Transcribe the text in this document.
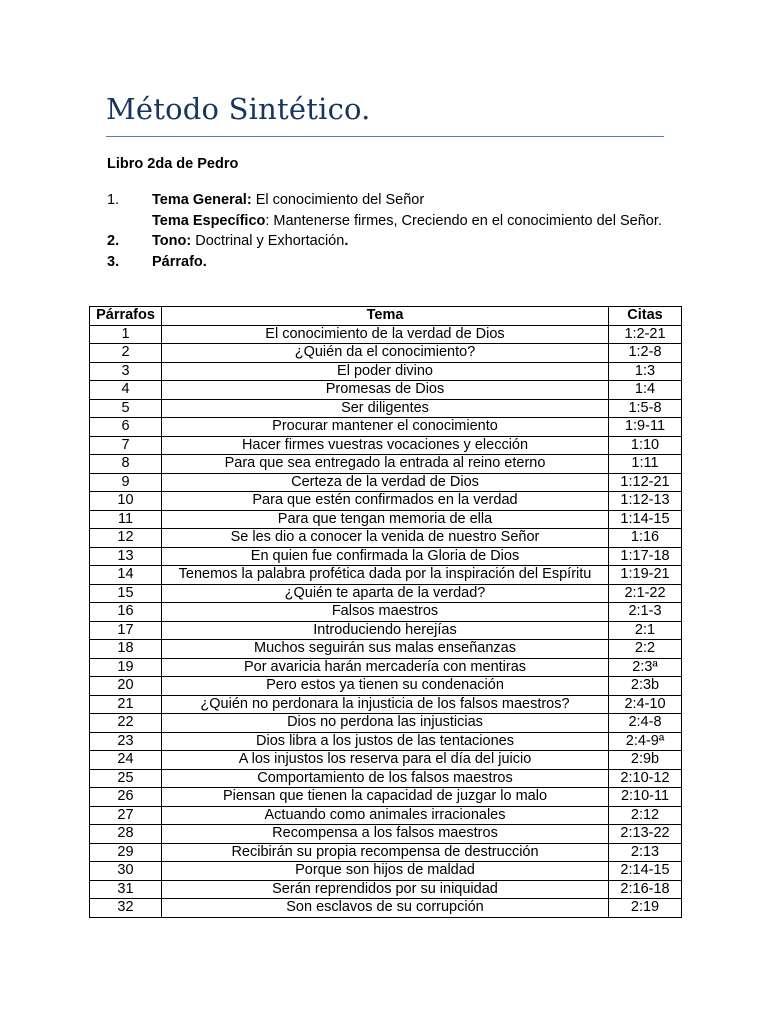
Método Sintético.
Libro 2da de Pedro
1.	Tema General: El conocimiento del Señor
Tema Específico: Mantenerse firmes, Creciendo en el conocimiento del Señor.
2.	Tono: Doctrinal y Exhortación.
3.	Párrafo.
Párrafos	Tema	Citas
1	El conocimiento de la verdad de Dios	1:2-21
2	¿Quién da el conocimiento?	1:2-8
3	El poder divino	1:3
4	Promesas de Dios	1:4
5	Ser diligentes	1:5-8
6	Procurar mantener el conocimiento	1:9-11
7	Hacer firmes vuestras vocaciones y elección	1:10
8	Para que sea entregado la entrada al reino eterno	1:11
9	Certeza de la verdad de Dios	1:12-21
10	Para que estén confirmados en la verdad	1:12-13
11	Para que tengan memoria de ella	1:14-15
12	Se les dio a conocer la venida de nuestro Señor	1:16
13	En quien fue confirmada la Gloria de Dios	1:17-18
14	Tenemos la palabra profética dada por la inspiración del Espíritu	1:19-21
15	¿Quién te aparta de la verdad?	2:1-22
16	Falsos maestros	2:1-3
17	Introduciendo herejías	2:1
18	Muchos seguirán sus malas enseñanzas	2:2
19	Por avaricia harán mercadería con mentiras	2:3ª
20	Pero estos ya tienen su condenación	2:3b
21	¿Quién no perdonara la injusticia de los falsos maestros?	2:4-10
22	Dios no perdona las injusticias	2:4-8
23	Dios libra a los justos de las tentaciones	2:4-9ª
24	A los injustos los reserva para el día del juicio	2:9b
25	Comportamiento de los falsos maestros	2:10-12
26	Piensan que tienen la capacidad de juzgar lo malo	2:10-11
27	Actuando como animales irracionales	2:12
28	Recompensa a los falsos maestros	2:13-22
29	Recibirán su propia recompensa de destrucción	2:13
30	Porque son hijos de maldad	2:14-15
31	Serán reprendidos por su iniquidad	2:16-18
32	Son esclavos de su corrupción	2:19
